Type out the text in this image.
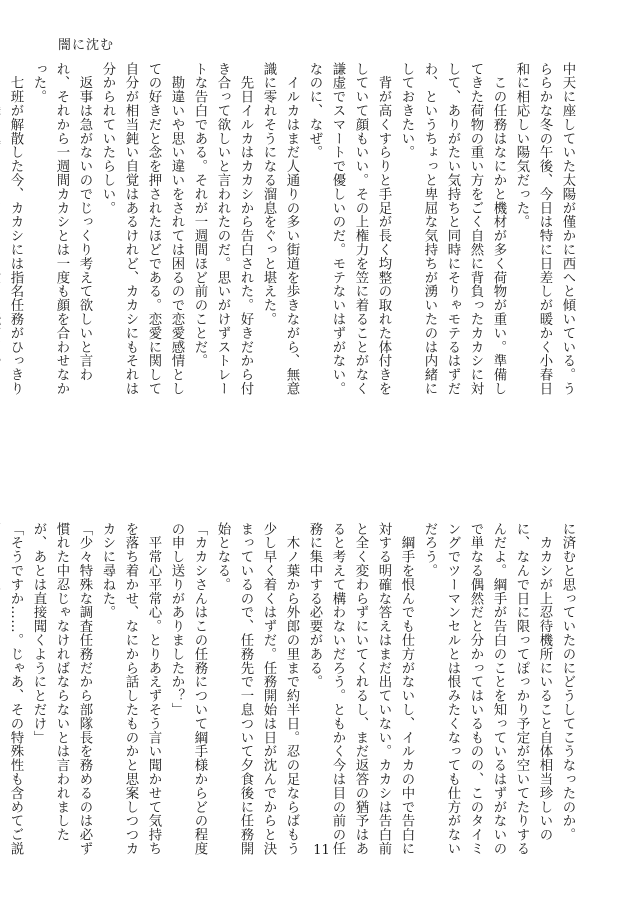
闇に沈む

中天に座していた太陽が僅かに西へと傾いている。うららかな冬の午後、今日は特に日差しが暖かく小春日和に相応しい陽気だった。
　この任務はなにかと機材が多く荷物が重い。準備してきた荷物の重い方をごく自然に背負ったカカシに対して、ありがたい気持ちと同時にそりゃモテるはずだわ、というちょっと卑屈な気持ちが湧いたのは内緒にしておきたい。
　背が高くすらりと手足が長く均整の取れた体付きをしていて顔もいい。その上権力を笠に着ることがなく謙虚でスマートで優しいのだ。モテないはずがない。なのに、なぜ。
　イルカはまだ人通りの多い街道を歩きながら、無意識に零れそうになる溜息をぐっと堪えた。
　先日イルカはカカシから告白された。好きだから付き合って欲しいと言われたのだ。思いがけずストレートな告白である。それが一週間ほど前のことだ。
　勘違いや思い違いをされては困るので恋愛感情としての好きだと念を押されたほどである。恋愛に関して自分が相当鈍い自覚はあるけれど、カカシにもそれは分かられていたらしい。
　返事は急がないのでじっくり考えて欲しいと言われ、それから一週間カカシとは一度も顔を合わせなかった。
　七班が解散した今、カカシには指名任務がひっきり

に済むと思っていたのにどうしてこうなったのか。
　カカシが上忍待機所にいること自体相当珍しいのに、なんで日に限ってぽっかり予定が空いてたりするんだよ。綱手が告白のことを知っているはずがないので単なる偶然だと分かってはいるものの、このタイミングでツーマンセルとは恨みたくなっても仕方がないだろう。
　綱手を恨んでも仕方がないし、イルカの中で告白に対する明確な答えはまだ出ていない。カカシは告白前と全く変わらずにいてくれるし、まだ返答の猶予はあると考えて構わないだろう。ともかく今は目の前の任務に集中する必要がある。
　木ノ葉から外郎の里まで約半日。忍の足ならばもう少し早く着くはずだ。任務開始は日が沈んでからと決まっているので、任務先で一息ついて夕食後に任務開始となる。
「カカシさんはこの任務について綱手様からどの程度の申し送りがありましたか？」
　平常心平常心。とりあえずそう言い聞かせて気持ちを落ち着かせ、なにから話したものかと思案しつつカカシに尋ねた。
「少々特殊な調査任務だから部隊長を務めるのは必ず慣れた中忍じゃなければならないとは言われましたが、あとは直接聞くようにとだけ」
「そうですか……。じゃあ、その特殊性も含めてご説
　	11
